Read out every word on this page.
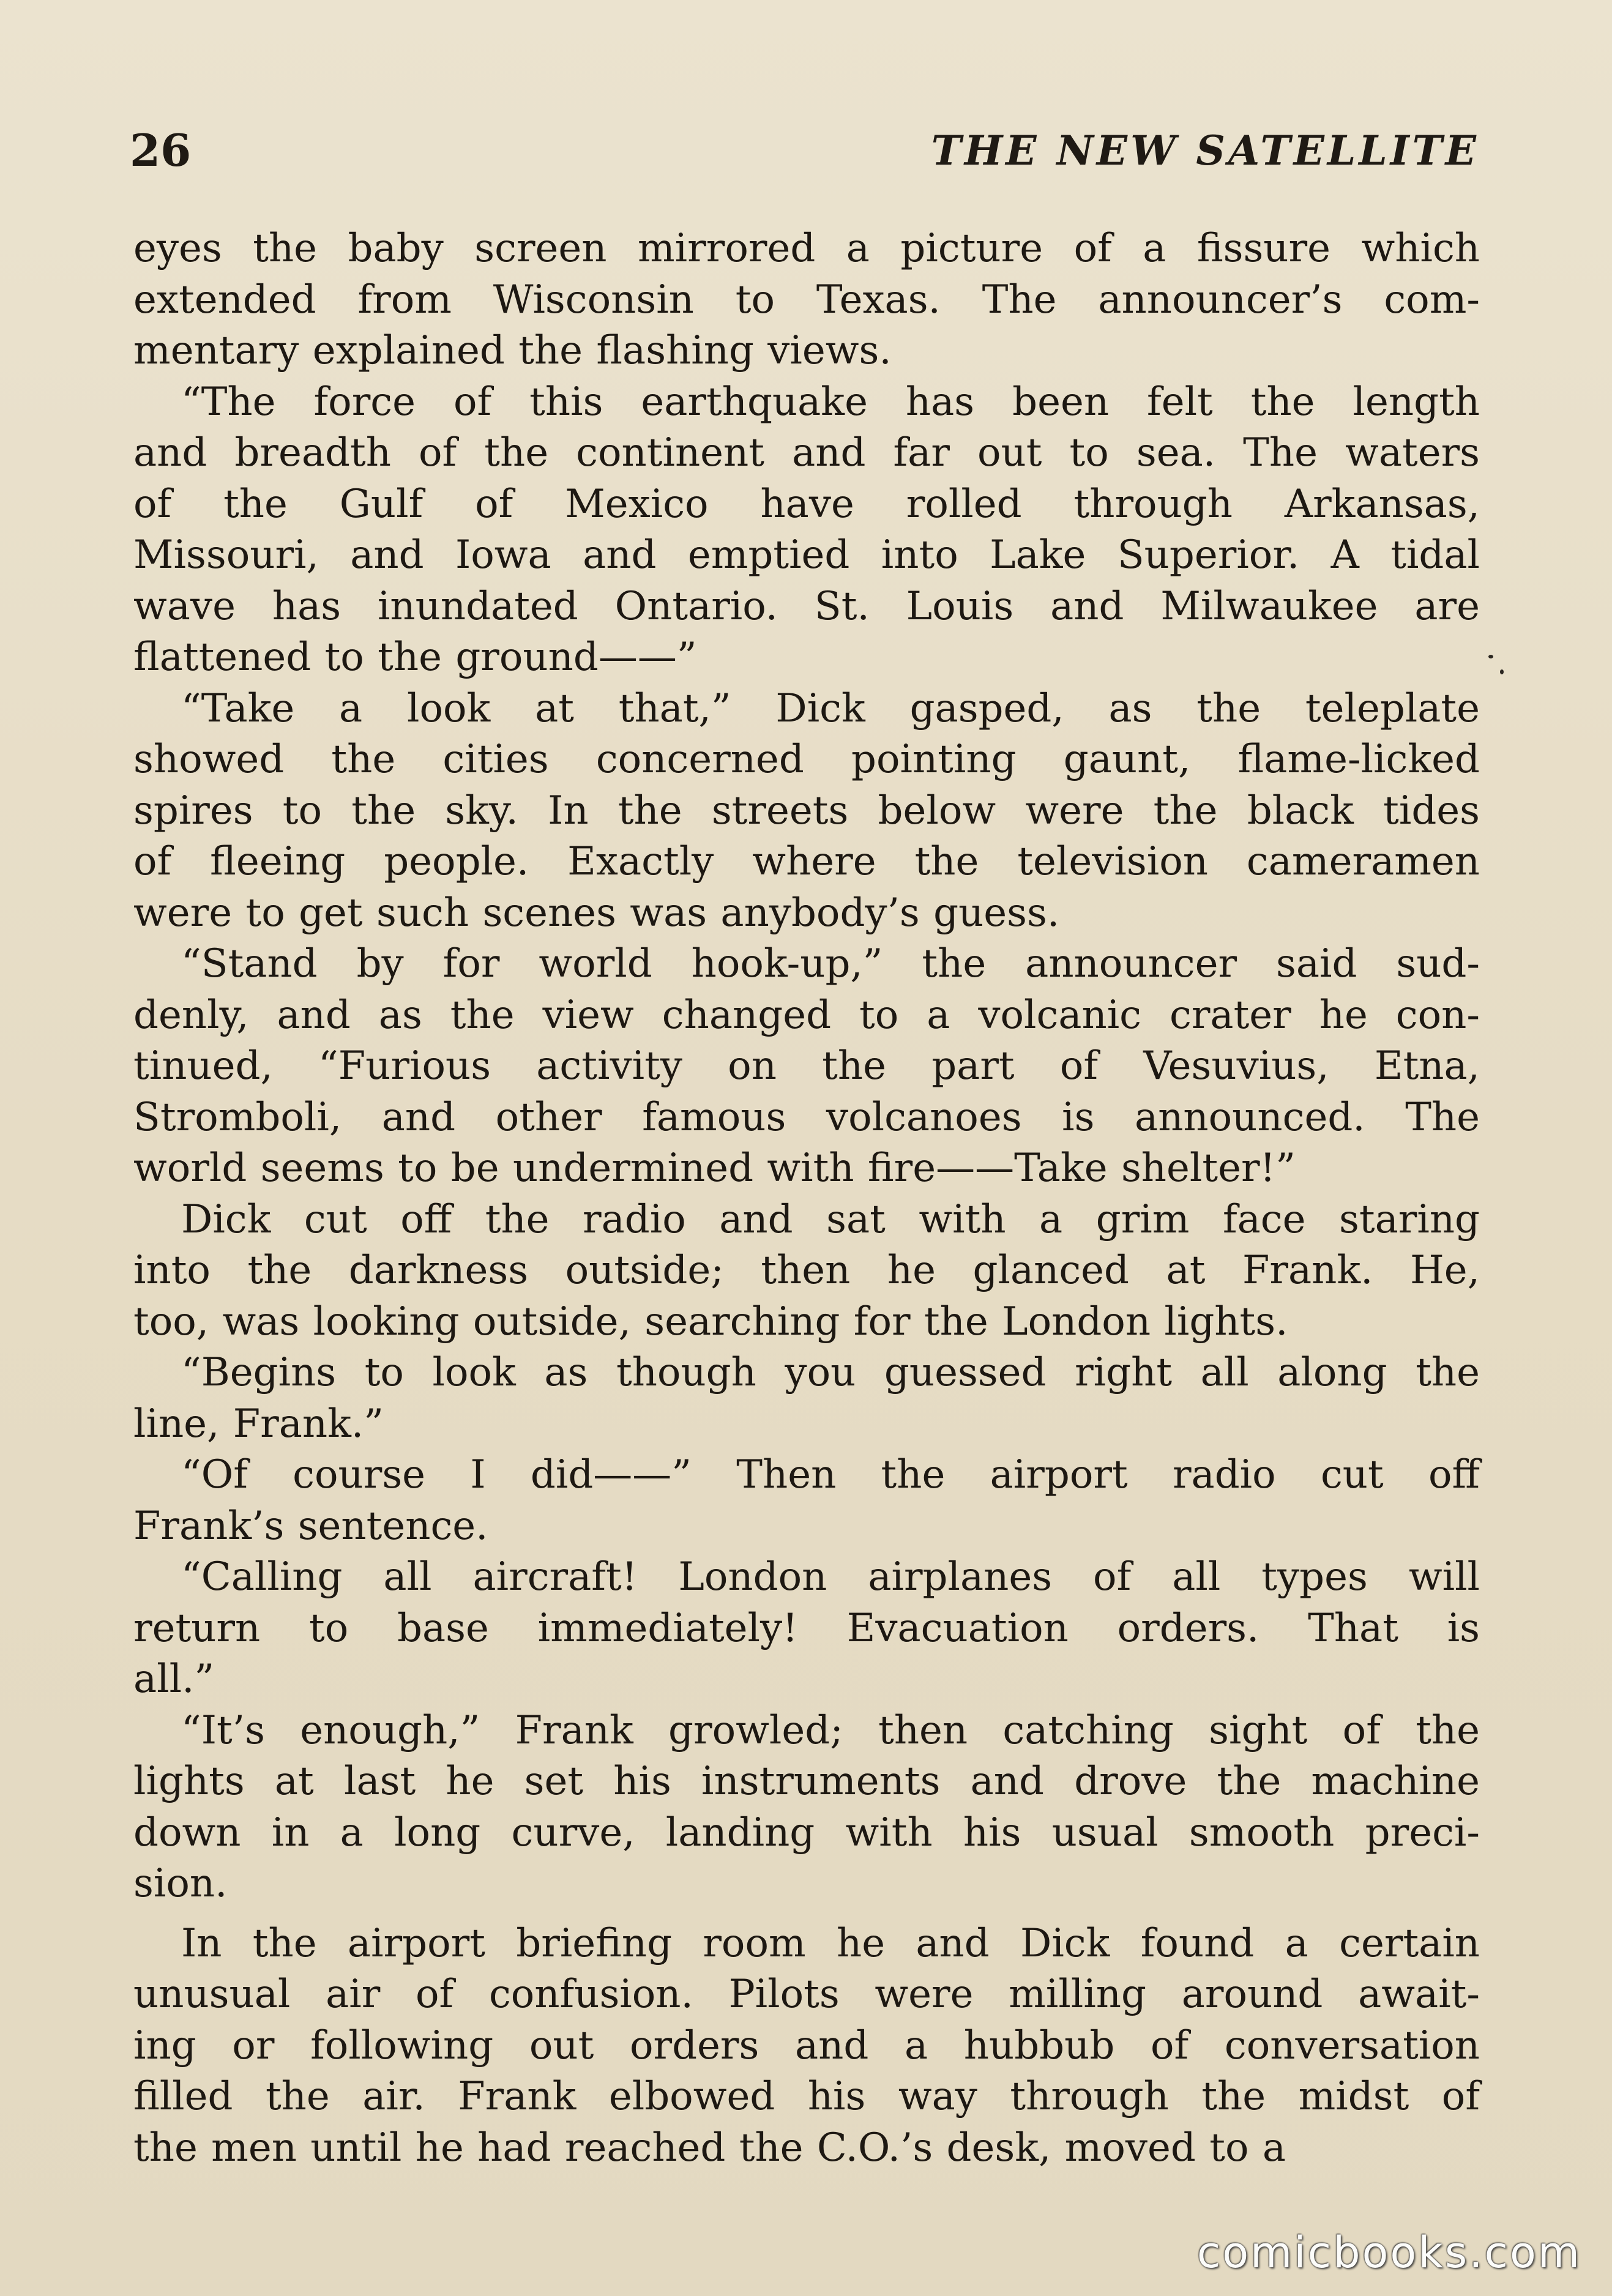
26	THE NEW SATELLITE
eyes the baby screen mirrored a picture of a fissure which
extended from Wisconsin to Texas. The announcer’s com-
mentary explained the flashing views.
“The force of this earthquake has been felt the length
and breadth of the continent and far out to sea. The waters
of the Gulf of Mexico have rolled through Arkansas,
Missouri, and Iowa and emptied into Lake Superior. A tidal
wave has inundated Ontario. St. Louis and Milwaukee are
flattened to the ground——”
“Take a look at that,” Dick gasped, as the teleplate
showed the cities concerned pointing gaunt, flame-licked
spires to the sky. In the streets below were the black tides
of fleeing people. Exactly where the television cameramen
were to get such scenes was anybody’s guess.
“Stand by for world hook-up,” the announcer said sud-
denly, and as the view changed to a volcanic crater he con-
tinued, “Furious activity on the part of Vesuvius, Etna,
Stromboli, and other famous volcanoes is announced. The
world seems to be undermined with fire——Take shelter!”
Dick cut off the radio and sat with a grim face staring
into the darkness outside; then he glanced at Frank. He,
too, was looking outside, searching for the London lights.
“Begins to look as though you guessed right all along the
line, Frank.”
“Of course I did——” Then the airport radio cut off
Frank’s sentence.
“Calling all aircraft! London airplanes of all types will
return to base immediately! Evacuation orders. That is
all.”
“It’s enough,” Frank growled; then catching sight of the
lights at last he set his instruments and drove the machine
down in a long curve, landing with his usual smooth preci-
sion.
In the airport briefing room he and Dick found a certain
unusual air of confusion. Pilots were milling around await-
ing or following out orders and a hubbub of conversation
filled the air. Frank elbowed his way through the midst of
the men until he had reached the C.O.’s desk, moved to a
comicbooks.com
